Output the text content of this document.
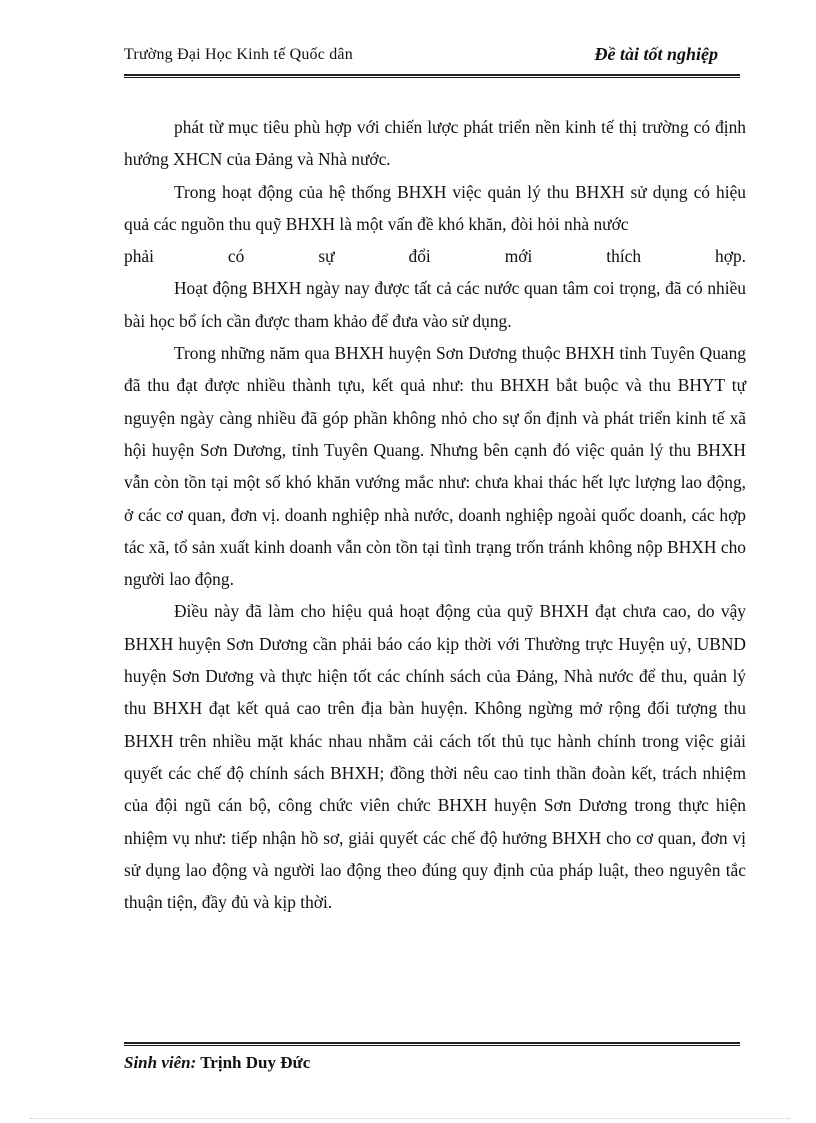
Trường Đại Học Kinh tế Quốc dân	Đề tài tốt nghiệp

phát từ mục tiêu phù hợp với chiến lược phát triển nền kinh tế thị trường có định hướng XHCN của Đảng và Nhà nước.

Trong hoạt động của hệ thống BHXH việc quản lý thu BHXH sử dụng có hiệu quả các nguồn thu quỹ BHXH là một vấn đề khó khăn, đòi hỏi nhà nước

phải có sự đổi mới thích hợp.

Hoạt động BHXH ngày nay được tất cả các nước quan tâm coi trọng, đã có nhiều bài học bổ ích cần được tham khảo để đưa vào sử dụng.

Trong những năm qua BHXH huyện Sơn Dương thuộc BHXH tỉnh Tuyên Quang đã thu đạt được nhiều thành tựu, kết quả như: thu BHXH bắt buộc và thu BHYT tự nguyện ngày càng nhiều đã góp phần không nhỏ cho sự ổn định và phát triển kinh tế xã hội huyện Sơn Dương, tỉnh Tuyên Quang. Nhưng bên cạnh đó việc quản lý thu BHXH vẫn còn tồn tại một số khó khăn vướng mắc như: chưa khai thác hết lực lượng lao động, ở các cơ quan, đơn vị. doanh nghiệp nhà nước, doanh nghiệp ngoài quốc doanh, các hợp tác xã, tổ sản xuất kinh doanh vẫn còn tồn tại tình trạng trốn tránh không nộp BHXH cho người lao động.

Điều này đã làm cho hiệu quả hoạt động của quỹ BHXH đạt chưa cao, do vậy BHXH huyện Sơn Dương cần phải báo cáo kịp thời với Thường trực Huyện uỷ, UBND huyện Sơn Dương và thực hiện tốt các chính sách của Đảng, Nhà nước để thu, quản lý thu BHXH đạt kết quả cao trên địa bàn huyện. Không ngừng mở rộng đối tượng thu BHXH trên nhiều mặt khác nhau nhằm cải cách tốt thủ tục hành chính trong việc giải quyết các chế độ chính sách BHXH; đồng thời nêu cao tinh thần đoàn kết, trách nhiệm của đội ngũ cán bộ, công chức viên chức BHXH huyện Sơn Dương trong thực hiện nhiệm vụ như: tiếp nhận hồ sơ, giải quyết các chế độ hưởng BHXH cho cơ quan, đơn vị sử dụng lao động và người lao động theo đúng quy định của pháp luật, theo nguyên tắc thuận tiện, đầy đủ và kịp thời.

Sinh viên: Trịnh Duy Đức
